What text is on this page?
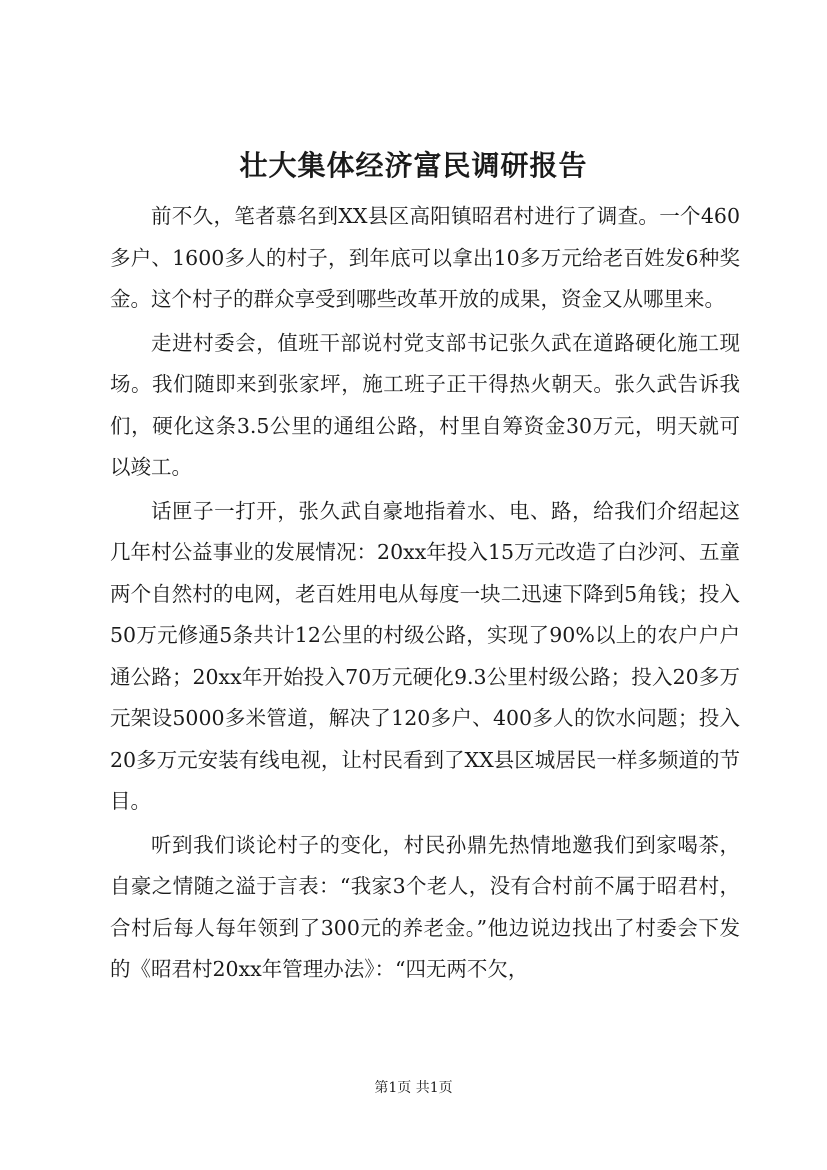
壮大集体经济富民调研报告

前不久，笔者慕名到XX县区高阳镇昭君村进行了调查。一个460多户、1600多人的村子，到年底可以拿出10多万元给老百姓发6种奖金。这个村子的群众享受到哪些改革开放的成果，资金又从哪里来。

走进村委会，值班干部说村党支部书记张久武在道路硬化施工现场。我们随即来到张家坪，施工班子正干得热火朝天。张久武告诉我们，硬化这条3.5公里的通组公路，村里自筹资金30万元，明天就可以竣工。

话匣子一打开，张久武自豪地指着水、电、路，给我们介绍起这几年村公益事业的发展情况：20xx年投入15万元改造了白沙河、五童两个自然村的电网，老百姓用电从每度一块二迅速下降到5角钱；投入50万元修通5条共计12公里的村级公路，实现了90%以上的农户户户通公路；20xx年开始投入70万元硬化9.3公里村级公路；投入20多万元架设5000多米管道，解决了120多户、400多人的饮水问题；投入20多万元安装有线电视，让村民看到了XX县区城居民一样多频道的节目。

听到我们谈论村子的变化，村民孙鼎先热情地邀我们到家喝茶，自豪之情随之溢于言表：“我家3个老人，没有合村前不属于昭君村，合村后每人每年领到了300元的养老金。”他边说边找出了村委会下发的《昭君村20xx年管理办法》：“四无两不欠，

第1页 共1页
